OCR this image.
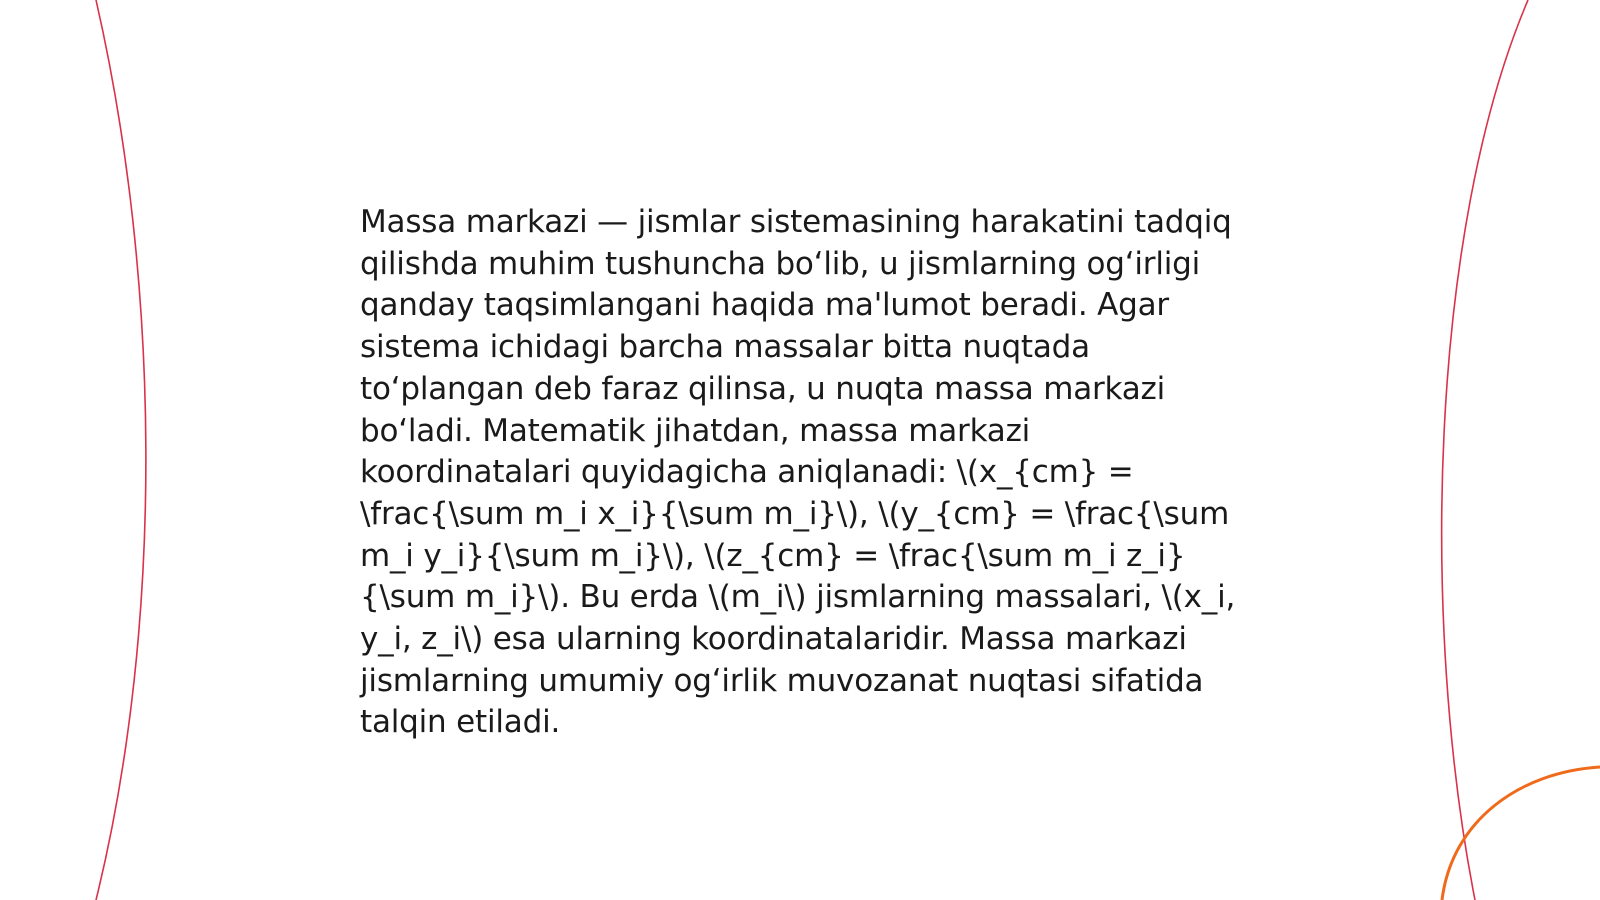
Massa markazi — jismlar sistemasining harakatini tadqiq qilishda muhim tushuncha bo‘lib, u jismlarning og‘irligi qanday taqsimlangani haqida ma'lumot beradi. Agar sistema ichidagi barcha massalar bitta nuqtada to‘plangan deb faraz qilinsa, u nuqta massa markazi bo‘ladi. Matematik jihatdan, massa markazi koordinatalari quyidagicha aniqlanadi: \(x_{cm} = \frac{\sum m_i x_i}{\sum m_i}\), \(y_{cm} = \frac{\sum m_i y_i}{\sum m_i}\), \(z_{cm} = \frac{\sum m_i z_i}{\sum m_i}\). Bu erda \(m_i\) jismlarning massalari, \(x_i, y_i, z_i\) esa ularning koordinatalaridir. Massa markazi jismlarning umumiy og‘irlik muvozanat nuqtasi sifatida talqin etiladi.
